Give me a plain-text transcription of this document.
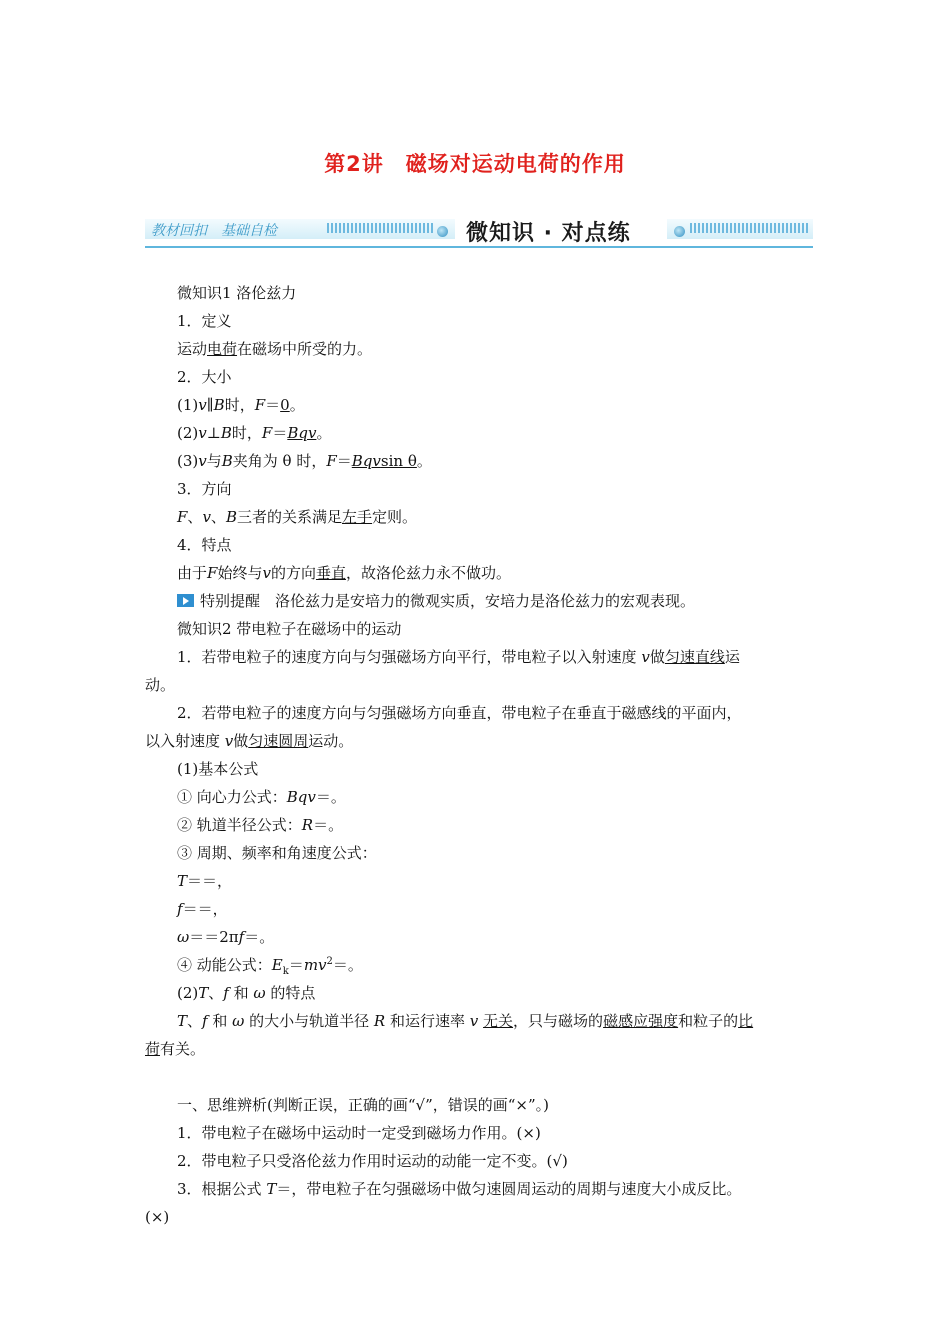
第2讲　磁场对运动电荷的作用
教材回扣　基础自检	微知识 · 对点练
微知识1 洛伦兹力
1．定义
运动电荷在磁场中所受的力。
2．大小
(1)v∥B时，F＝0。
(2)v⊥B时，F＝Bqv。
(3)v与B夹角为 θ 时，F＝Bqvsin θ。
3．方向
F、v、B三者的关系满足左手定则。
4．特点
由于F始终与v的方向垂直，故洛伦兹力永不做功。
特别提醒　洛伦兹力是安培力的微观实质，安培力是洛伦兹力的宏观表现。
微知识2 带电粒子在磁场中的运动
1．若带电粒子的速度方向与匀强磁场方向平行，带电粒子以入射速度 v做匀速直线运
动。
2．若带电粒子的速度方向与匀强磁场方向垂直，带电粒子在垂直于磁感线的平面内，
以入射速度 v做匀速圆周运动。
(1)基本公式
① 向心力公式：Bqv＝。
② 轨道半径公式：R＝。
③ 周期、频率和角速度公式：
T＝＝，
f＝＝，
ω＝＝2πf＝。
④ 动能公式：$E_k=mv^2=$。
(2)T、f 和 ω 的特点
T、f 和 ω 的大小与轨道半径 R 和运行速率 v 无关，只与磁场的磁感应强度和粒子的比
荷有关。
一、思维辨析(判断正误，正确的画“√”，错误的画“×”。)
1．带电粒子在磁场中运动时一定受到磁场力作用。(×)
2．带电粒子只受洛伦兹力作用时运动的动能一定不变。(√)
3．根据公式 T＝，带电粒子在匀强磁场中做匀速圆周运动的周期与速度大小成反比。
(×)
